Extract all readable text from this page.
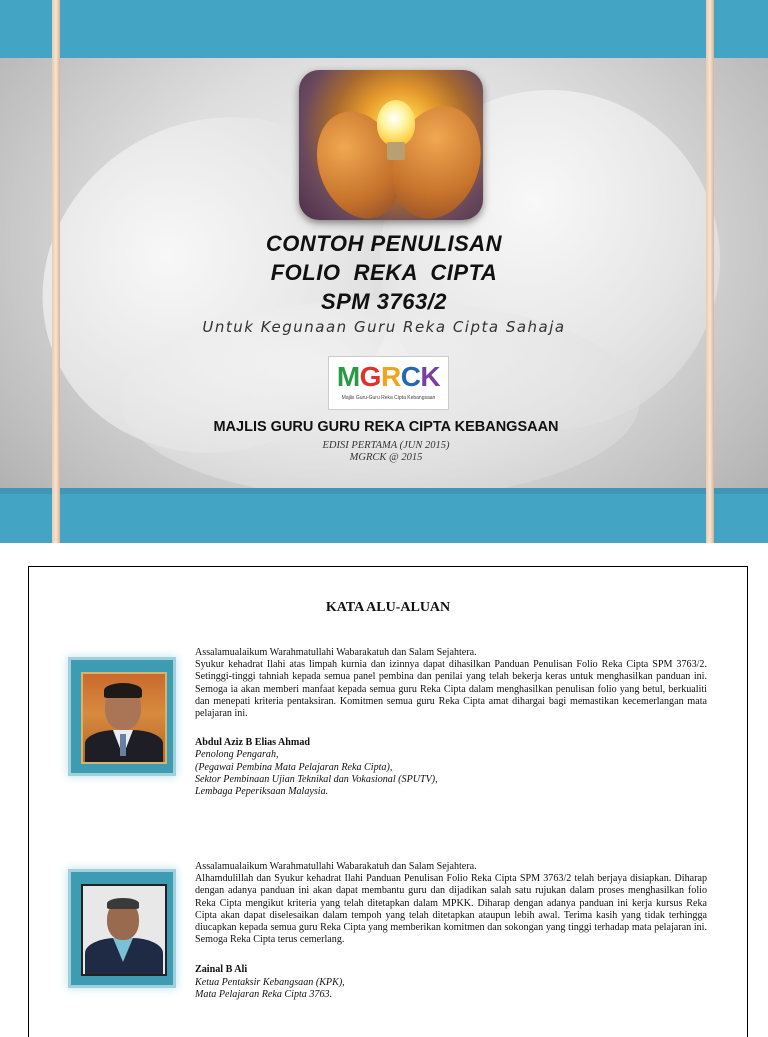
CONTOH PENULISAN
FOLIO  REKA  CIPTA
SPM 3763/2
Untuk Kegunaan Guru Reka Cipta Sahaja
MGRCK
Majlis Guru-Guru Reka Cipta Kebangsaan
MAJLIS GURU GURU REKA CIPTA KEBANGSAAN
EDISI PERTAMA (JUN 2015)
MGRCK @ 2015
KATA ALU-ALUAN

Assalamualaikum Warahmatullahi Wabarakatuh dan Salam Sejahtera.

Syukur kehadrat Ilahi atas limpah kurnia dan izinnya dapat dihasilkan Panduan Penulisan Folio Reka Cipta SPM 3763/2. Setinggi-tinggi tahniah kepada semua panel pembina dan penilai yang telah bekerja keras untuk menghasilkan panduan ini. Semoga ia akan memberi manfaat kepada semua guru Reka Cipta dalam menghasilkan penulisan folio yang betul, berkualiti dan menepati kriteria pentaksiran. Komitmen semua guru Reka Cipta amat dihargai bagi memastikan kecemerlangan mata pelajaran ini.

Abdul Aziz B Elias Ahmad

Penolong Pengarah,

(Pegawai Pembina Mata Pelajaran Reka Cipta),

Sektor Pembinaan Ujian Teknikal dan Vokasional (SPUTV),

Lembaga Peperiksaan Malaysia.

Assalamualaikum Warahmatullahi Wabarakatuh dan Salam Sejahtera.

Alhamdulillah dan Syukur kehadrat Ilahi Panduan Penulisan Folio Reka Cipta SPM 3763/2 telah berjaya disiapkan. Diharap dengan adanya panduan ini akan dapat membantu guru dan dijadikan salah satu rujukan dalam proses menghasilkan folio Reka Cipta mengikut kriteria yang telah ditetapkan dalam MPKK. Diharap dengan adanya panduan ini kerja kursus Reka Cipta akan dapat diselesaikan dalam tempoh yang telah ditetapkan ataupun lebih awal. Terima kasih yang tidak terhingga diucapkan kepada semua guru Reka Cipta yang memberikan komitmen dan sokongan yang tinggi terhadap mata pelajaran ini. Semoga Reka Cipta terus cemerlang.

Zainal B Ali

Ketua Pentaksir Kebangsaan (KPK),

Mata Pelajaran Reka Cipta 3763.
